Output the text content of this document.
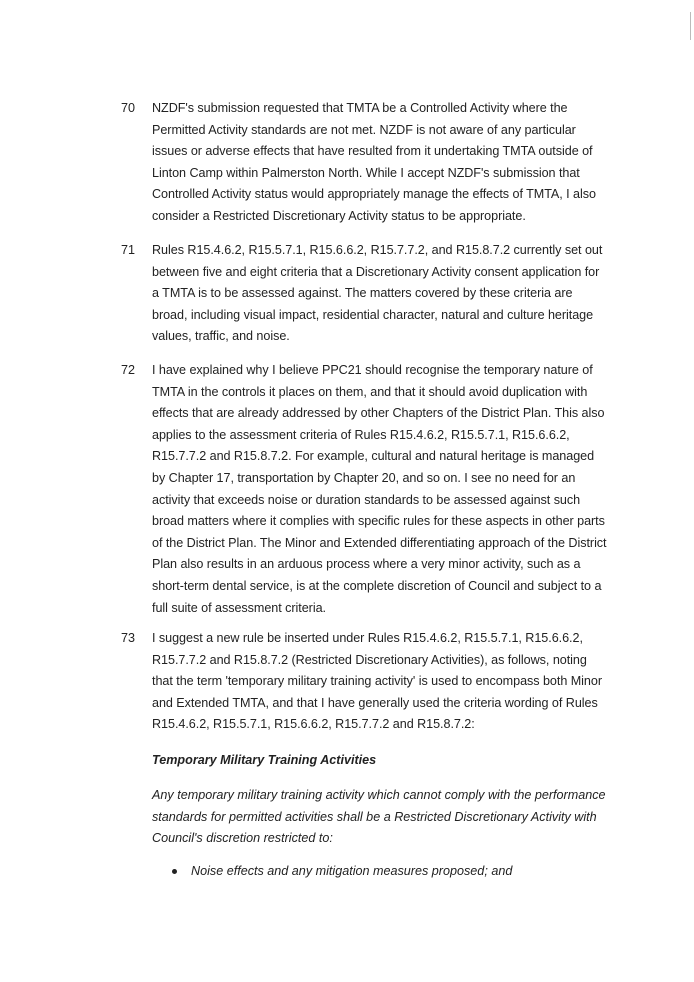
70 NZDF's submission requested that TMTA be a Controlled Activity where the
Permitted Activity standards are not met. NZDF is not aware of any particular
issues or adverse effects that have resulted from it undertaking TMTA outside of
Linton Camp within Palmerston North. While I accept NZDF's submission that
Controlled Activity status would appropriately manage the effects of TMTA, I also
consider a Restricted Discretionary Activity status to be appropriate.
71 Rules R15.4.6.2, R15.5.7.1, R15.6.6.2, R15.7.7.2, and R15.8.7.2 currently set out
between five and eight criteria that a Discretionary Activity consent application for
a TMTA is to be assessed against. The matters covered by these criteria are
broad, including visual impact, residential character, natural and culture heritage
values, traffic, and noise.
72 I have explained why I believe PPC21 should recognise the temporary nature of
TMTA in the controls it places on them, and that it should avoid duplication with
effects that are already addressed by other Chapters of the District Plan. This also
applies to the assessment criteria of Rules R15.4.6.2, R15.5.7.1, R15.6.6.2,
R15.7.7.2 and R15.8.7.2. For example, cultural and natural heritage is managed
by Chapter 17, transportation by Chapter 20, and so on. I see no need for an
activity that exceeds noise or duration standards to be assessed against such
broad matters where it complies with specific rules for these aspects in other parts
of the District Plan. The Minor and Extended differentiating approach of the District
Plan also results in an arduous process where a very minor activity, such as a
short-term dental service, is at the complete discretion of Council and subject to a
full suite of assessment criteria.
73 I suggest a new rule be inserted under Rules R15.4.6.2, R15.5.7.1, R15.6.6.2,
R15.7.7.2 and R15.8.7.2 (Restricted Discretionary Activities), as follows, noting
that the term 'temporary military training activity' is used to encompass both Minor
and Extended TMTA, and that I have generally used the criteria wording of Rules
R15.4.6.2, R15.5.7.1, R15.6.6.2, R15.7.7.2 and R15.8.7.2:
Temporary Military Training Activities
Any temporary military training activity which cannot comply with the performance
standards for permitted activities shall be a Restricted Discretionary Activity with
Council's discretion restricted to:
Noise effects and any mitigation measures proposed; and
